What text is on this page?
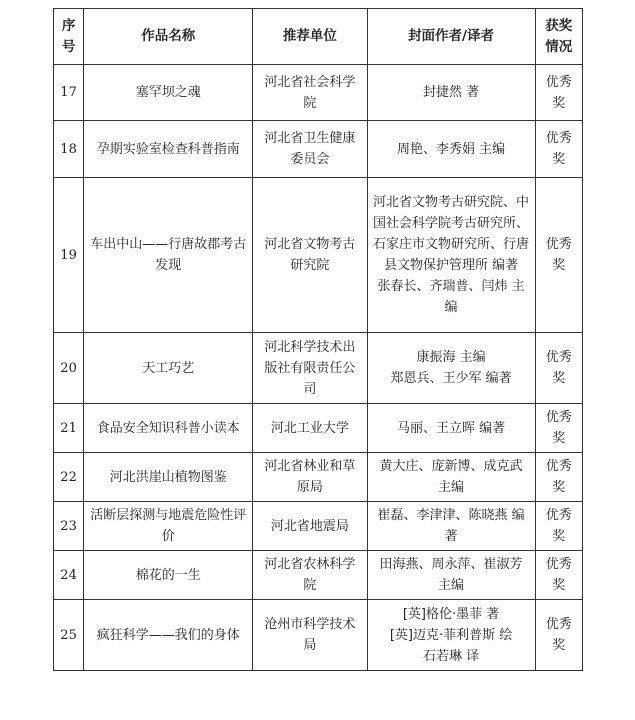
序号	作品名称	推荐单位	封面作者/译者	获奖情况
17	塞罕坝之魂	河北省社会科学院	封捷然 著	优秀奖
18	孕期实验室检查科普指南	河北省卫生健康委员会	周艳、李秀娟 主编	优秀奖
19	车出中山——行唐故郡考古发现	河北省文物考古研究院	河北省文物考古研究院、中国社会科学院考古研究所、石家庄市文物研究所、行唐县文物保护管理所 编著
张春长、齐瑞普、闫炜 主编	优秀奖
20	天工巧艺	河北科学技术出版社有限责任公司	康振海 主编
郑恩兵、王少军 编著	优秀奖
21	食品安全知识科普小读本	河北工业大学	马丽、王立晖 编著	优秀奖
22	河北洪崖山植物图鉴	河北省林业和草原局	黄大庄、庞新博、成克武 主编	优秀奖
23	活断层探测与地震危险性评价	河北省地震局	崔磊、李津津、陈晓燕 编著	优秀奖
24	棉花的一生	河北省农林科学院	田海燕、周永萍、崔淑芳 主编	优秀奖
25	疯狂科学——我们的身体	沧州市科学技术局	[英]格伦·墨菲 著
[英]迈克·菲利普斯 绘
石若琳 译	优秀奖
